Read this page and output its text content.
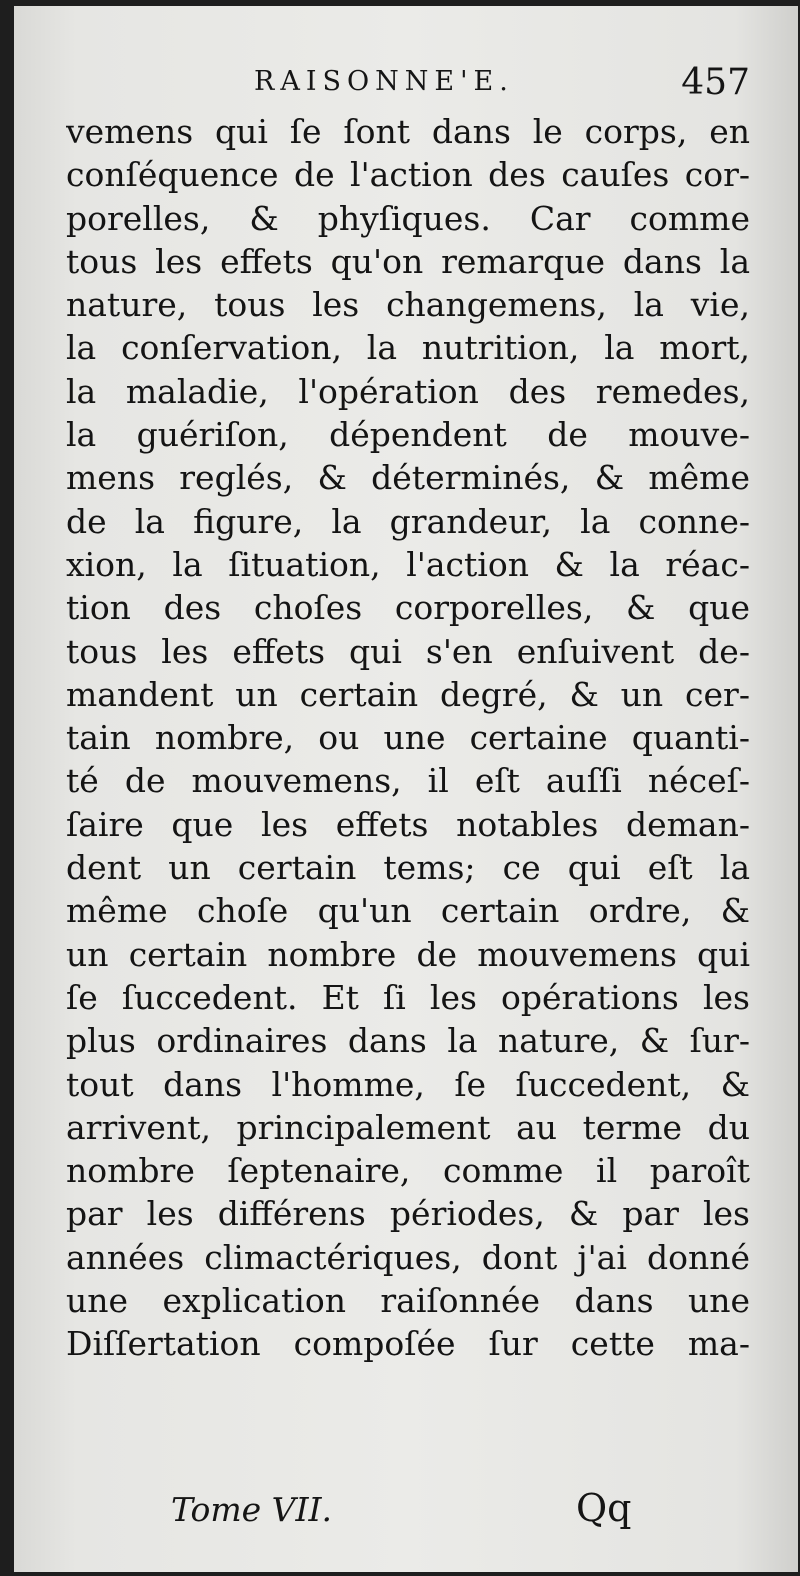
RAISONNE'E.	457
vemens qui ſe ſont dans le corps, en
conſéquence de l'action des cauſes cor-
porelles, & phyſiques. Car comme
tous les effets qu'on remarque dans la
nature, tous les changemens, la vie,
la conſervation, la nutrition, la mort,
la maladie, l'opération des remedes,
la guériſon, dépendent de mouve-
mens reglés, & déterminés, & même
de la figure, la grandeur, la conne-
xion, la ſituation, l'action & la réac-
tion des choſes corporelles, & que
tous les effets qui s'en enſuivent de-
mandent un certain degré, & un cer-
tain nombre, ou une certaine quanti-
té de mouvemens, il eſt auſſi néceſ-
ſaire que les effets notables deman-
dent un certain tems; ce qui eſt la
même choſe qu'un certain ordre, &
un certain nombre de mouvemens qui
ſe ſuccedent. Et ſi les opérations les
plus ordinaires dans la nature, & ſur-
tout dans l'homme, ſe ſuccedent, &
arrivent, principalement au terme du
nombre ſeptenaire, comme il paroît
par les différens périodes, & par les
années climactériques, dont j'ai donné
une explication raiſonnée dans une
Diſſertation compoſée ſur cette ma-
Tome VII.	Qq
